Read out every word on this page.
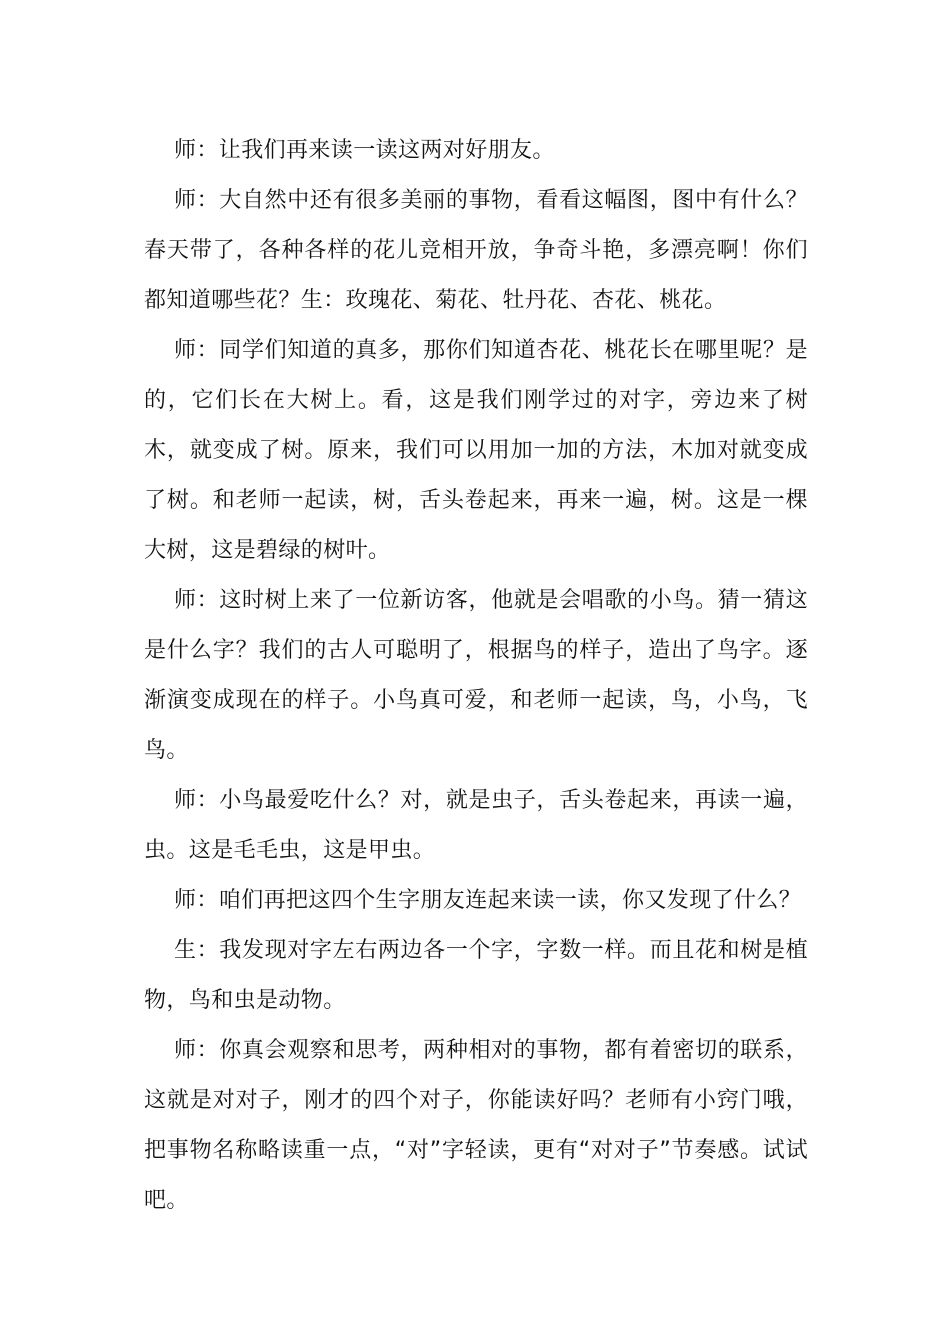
师：让我们再来读一读这两对好朋友。

师：大自然中还有很多美丽的事物，看看这幅图，图中有什么？春天带了，各种各样的花儿竞相开放，争奇斗艳，多漂亮啊！你们都知道哪些花？生：玫瑰花、菊花、牡丹花、杏花、桃花。

师：同学们知道的真多，那你们知道杏花、桃花长在哪里呢？是的，它们长在大树上。看，这是我们刚学过的对字，旁边来了树木，就变成了树。原来，我们可以用加一加的方法，木加对就变成了树。和老师一起读，树，舌头卷起来，再来一遍，树。这是一棵大树，这是碧绿的树叶。

师：这时树上来了一位新访客，他就是会唱歌的小鸟。猜一猜这是什么字？我们的古人可聪明了，根据鸟的样子，造出了鸟字。逐渐演变成现在的样子。小鸟真可爱，和老师一起读，鸟，小鸟，飞鸟。

师：小鸟最爱吃什么？对，就是虫子，舌头卷起来，再读一遍，虫。这是毛毛虫，这是甲虫。

师：咱们再把这四个生字朋友连起来读一读，你又发现了什么？

生：我发现对字左右两边各一个字，字数一样。而且花和树是植物，鸟和虫是动物。

师：你真会观察和思考，两种相对的事物，都有着密切的联系，这就是对对子，刚才的四个对子，你能读好吗？老师有小窍门哦，把事物名称略读重一点，“对”字轻读，更有“对对子”节奏感。试试吧。
